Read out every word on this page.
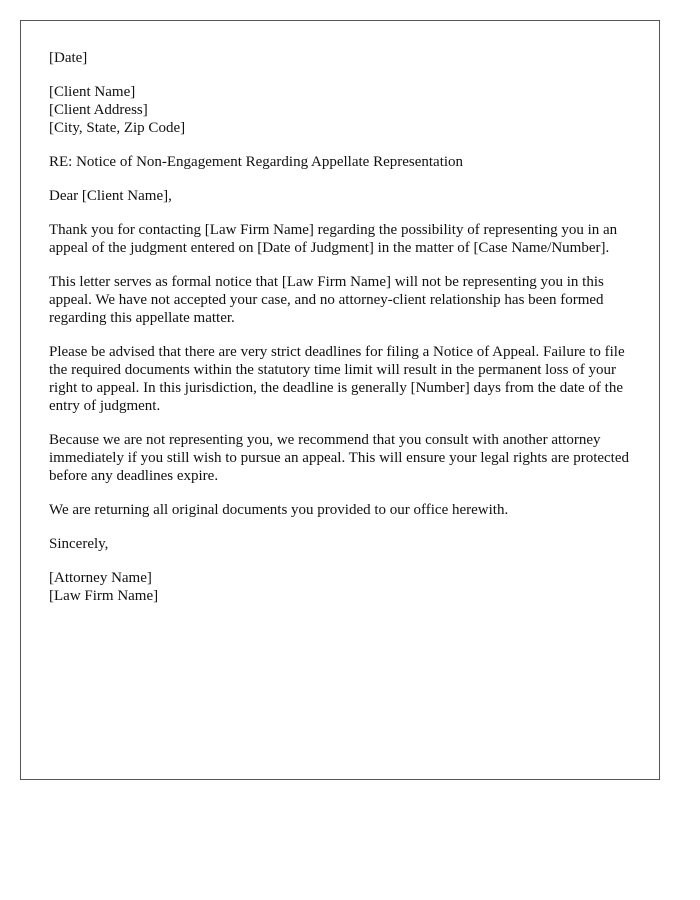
[Date]
[Client Name]
[Client Address]
[City, State, Zip Code]

RE: Notice of Non-Engagement Regarding Appellate Representation

Dear [Client Name],

Thank you for contacting [Law Firm Name] regarding the possibility of representing you in an appeal of the judgment entered on [Date of Judgment] in the matter of [Case Name/Number].

This letter serves as formal notice that [Law Firm Name] will not be representing you in this appeal. We have not accepted your case, and no attorney-client relationship has been formed regarding this appellate matter.

Please be advised that there are very strict deadlines for filing a Notice of Appeal. Failure to file the required documents within the statutory time limit will result in the permanent loss of your right to appeal. In this jurisdiction, the deadline is generally [Number] days from the date of the entry of judgment.

Because we are not representing you, we recommend that you consult with another attorney immediately if you still wish to pursue an appeal. This will ensure your legal rights are protected before any deadlines expire.

We are returning all original documents you provided to our office herewith.

Sincerely,

[Attorney Name]
[Law Firm Name]
